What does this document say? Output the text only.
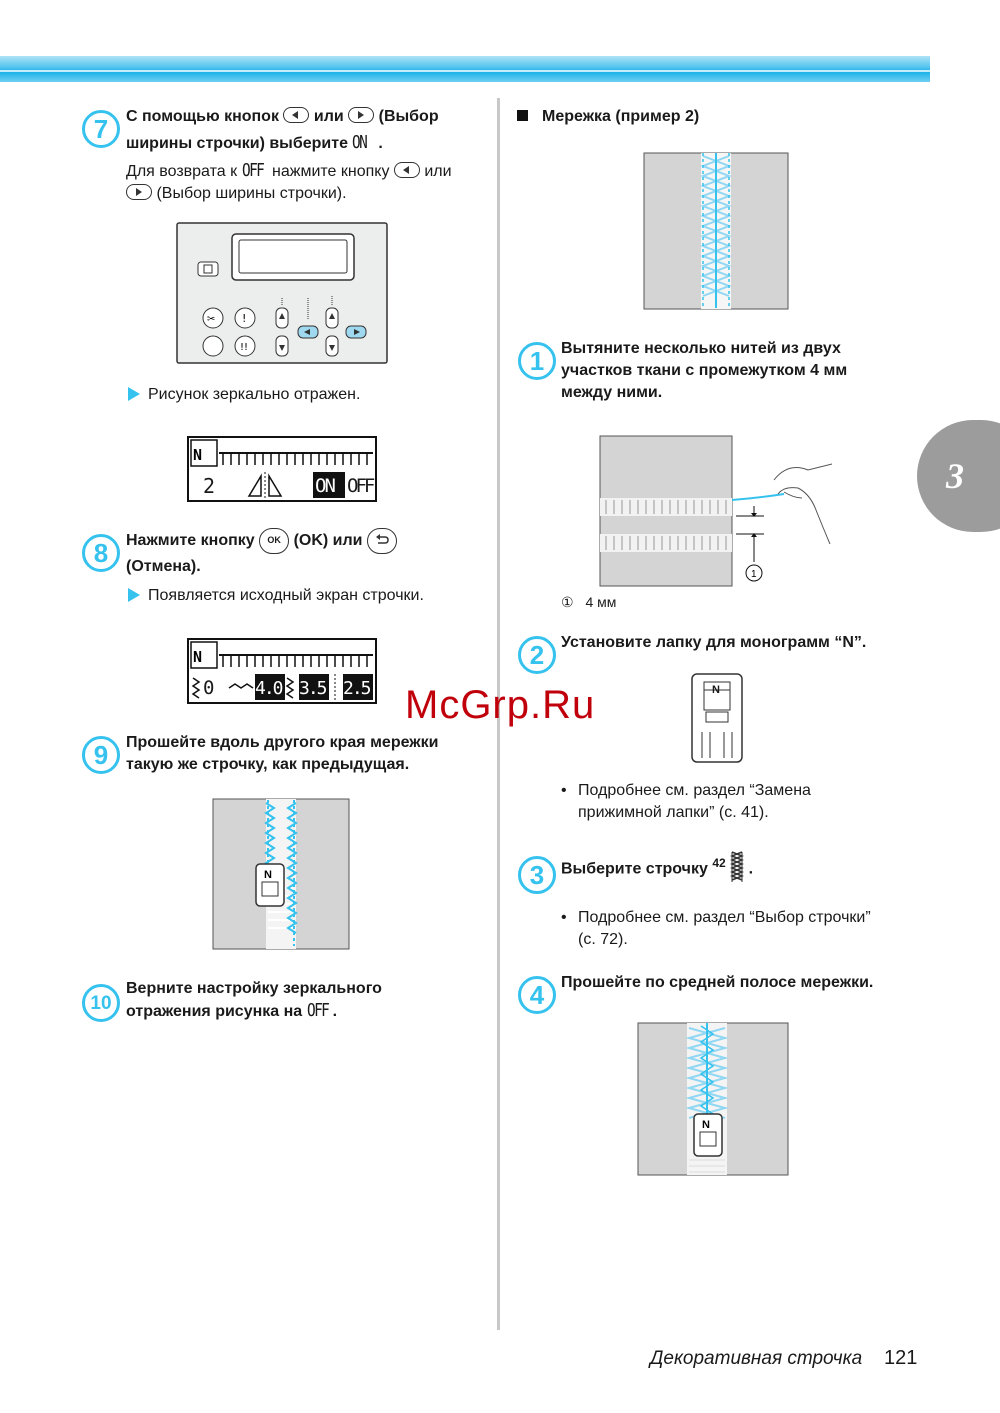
3
7	С помощью кнопок или (Выбор
ширины строчки) выберите ON .
Для возврата к OFF нажмите кнопку или

(Выбор ширины строчки).
✂ !
!!
Рисунок зеркально отражен.
N
2	ON OFF
8	Нажмите кнопку OK (OK) или
(Отмена).
Появляется исходный экран строчки.
N
0 4.0 3.5 2.5
9	Прошейте вдоль другого края мережки
такую же строчку, как предыдущая.
N
10
Верните настройку зеркального
отражения рисунка на OFF .
Мережка (пример 2)
1	Вытяните несколько нитей из двух
участков ткани с промежутком 4 мм
между ними.
1
① 4 мм
2	Установите лапку для монограмм “N”.
N
• Подробнее см. раздел “Замена
прижимной лапки” (с. 41).
3	Выберите строчку $^{42}$ .
• Подробнее см. раздел “Выбор строчки”
(с. 72).
4	Прошейте по средней полосе мережки.
N
McGrp.Ru
Декоративная строчка 121
